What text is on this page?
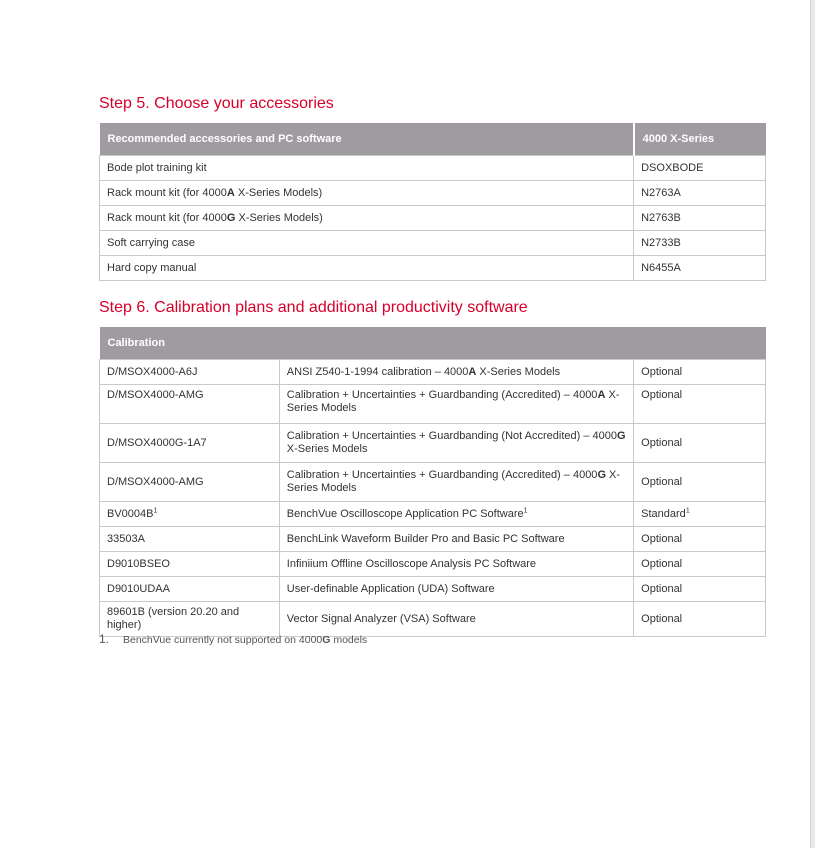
Step 5. Choose your accessories
Recommended accessories and PC software	4000 X-Series
Bode plot training kit	DSOXBODE
Rack mount kit (for 4000A X-Series Models)	N2763A
Rack mount kit (for 4000G X-Series Models)	N2763B
Soft carrying case	N2733B
Hard copy manual	N6455A
Step 6. Calibration plans and additional productivity software
Calibration		
D/MSOX4000-A6J	ANSI Z540-1-1994 calibration – 4000A X-Series Models	Optional
D/MSOX4000-AMG	Calibration + Uncertainties + Guardbanding (Accredited) – 4000A X-Series Models	Optional
D/MSOX4000G-1A7	Calibration + Uncertainties + Guardbanding (Not Accredited) – 4000G X-Series Models	Optional
D/MSOX4000-AMG	Calibration + Uncertainties + Guardbanding (Accredited) – 4000G X-Series Models	Optional
$BV0004B^1$	BenchVue Oscilloscope Application PC Software$^1$	Standard$^1$
33503A	BenchLink Waveform Builder Pro and Basic PC Software	Optional
D9010BSEO	Infiniium Offline Oscilloscope Analysis PC Software	Optional
D9010UDAA	User-definable Application (UDA) Software	Optional
89601B (version 20.20 and higher)	Vector Signal Analyzer (VSA) Software	Optional
1. BenchVue currently not supported on 4000G models
